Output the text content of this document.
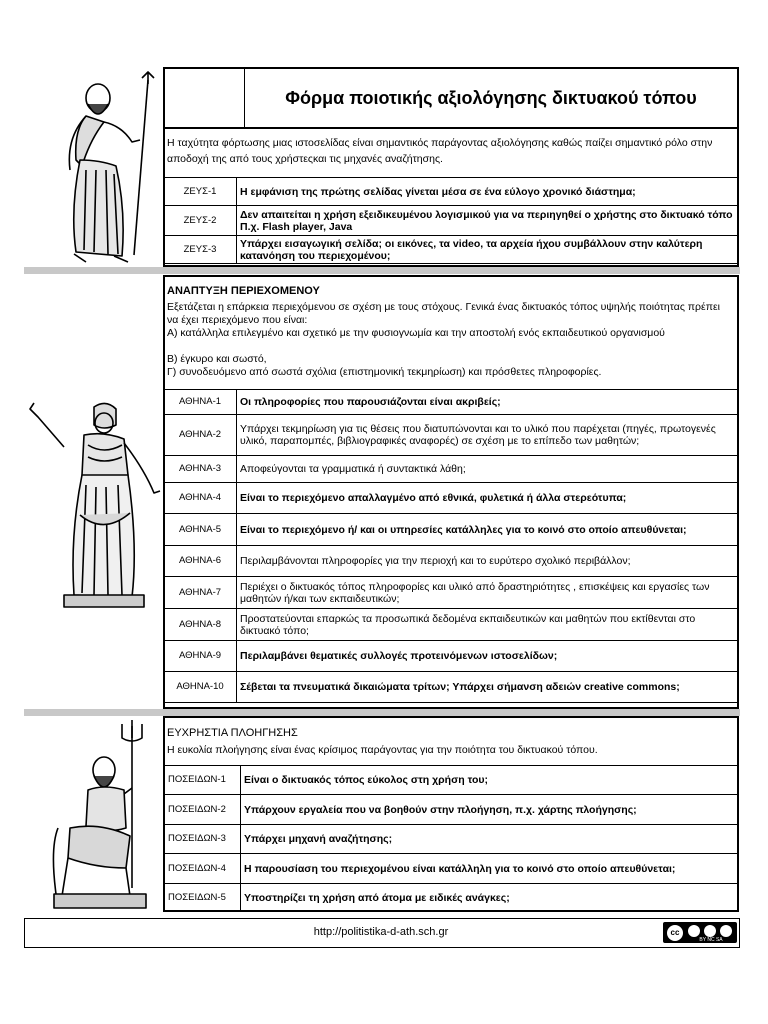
Φόρμα ποιοτικής αξιολόγησης δικτυακού τόπου
Η ταχύτητα φόρτωσης μιας ιστοσελίδας είναι σημαντικός παράγοντας αξιολόγησης καθώς παίζει σημαντικό ρόλο στην αποδοχή της από τους χρήστεςκαι τις μηχανές αναζήτησης.
ΖΕΥΣ-1	Η εμφάνιση της πρώτης σελίδας γίνεται μέσα σε ένα εύλογο χρονικό διάστημα;
ΖΕΥΣ-2	Δεν απαιτείται η χρήση εξειδικευμένου λογισμικού για να περιηγηθεί ο χρήστης στο δικτυακό τόπο Π.χ. Flash player, Java
ΖΕΥΣ-3	Υπάρχει εισαγωγική σελίδα; οι εικόνες, τα video, τα αρχεία ήχου συμβάλλουν στην καλύτερη κατανόηση του περιεχομένου;
ΑΝΑΠΤΥΞΗ ΠΕΡΙΕΧΟΜΕΝΟΥ
Εξετάζεται η επάρκεια περιεχόμενου σε σχέση με τους στόχους. Γενικά ένας δικτυακός τόπος υψηλής ποιότητας πρέπει να έχει περιεχόμενο που είναι:
Α) κατάλληλα επιλεγμένο και σχετικό με την φυσιογνωμία και την αποστολή ενός εκπαιδευτικού οργανισμού
Β) έγκυρο και σωστό,
Γ) συνοδευόμενο από σωστά σχόλια (επιστημονική τεκμηρίωση) και πρόσθετες πληροφορίες.
ΑΘΗΝΑ-1	Οι πληροφορίες που παρουσιάζονται είναι ακριβείς;
ΑΘΗΝΑ-2	Υπάρχει τεκμηρίωση για τις θέσεις που διατυπώνονται και το υλικό που παρέχεται (πηγές, πρωτογενές υλικό, παραπομπές, βιβλιογραφικές αναφορές) σε σχέση με το επίπεδο των μαθητών;
ΑΘΗΝΑ-3	Αποφεύγονται τα γραμματικά ή συντακτικά λάθη;
ΑΘΗΝΑ-4	Είναι το περιεχόμενο απαλλαγμένο από εθνικά, φυλετικά ή άλλα στερεότυπα;
ΑΘΗΝΑ-5	Είναι το περιεχόμενο ή/ και οι υπηρεσίες κατάλληλες για το κοινό στο οποίο απευθύνεται;
ΑΘΗΝΑ-6	Περιλαμβάνονται πληροφορίες για την περιοχή και το ευρύτερο σχολικό περιβάλλον;
ΑΘΗΝΑ-7	Περιέχει ο δικτυακός τόπος πληροφορίες και υλικό από δραστηριότητες , επισκέψεις και εργασίες των μαθητών ή/και των εκπαιδευτικών;
ΑΘΗΝΑ-8	Προστατεύονται επαρκώς τα προσωπικά δεδομένα εκπαιδευτικών και μαθητών που εκτίθενται στο δικτυακό τόπο;
ΑΘΗΝΑ-9	Περιλαμβάνει θεματικές συλλογές προτεινόμενων ιστοσελίδων;
ΑΘΗΝΑ-10	Σέβεται τα πνευματικά δικαιώματα τρίτων; Υπάρχει σήμανση αδειών creative commons;
ΕΥΧΡΗΣΤΙΑ ΠΛΟΗΓΗΣΗΣ
Η ευκολία πλοήγησης είναι ένας κρίσιμος παράγοντας για την ποιότητα του δικτυακού τόπου.
ΠΟΣΕΙΔΩΝ-1	Είναι ο δικτυακός τόπος εύκολος στη χρήση του;
ΠΟΣΕΙΔΩΝ-2	Υπάρχουν εργαλεία που να βοηθούν στην πλοήγηση, π.χ. χάρτης πλοήγησης;
ΠΟΣΕΙΔΩΝ-3	Υπάρχει μηχανή αναζήτησης;
ΠΟΣΕΙΔΩΝ-4	Η παρουσίαση του περιεχομένου είναι κατάλληλη για το κοινό στο οποίο απευθύνεται;
ΠΟΣΕΙΔΩΝ-5	Υποστηρίζει τη χρήση από άτομα με ειδικές ανάγκες;
http://politistika-d-ath.sch.gr	cc
BY NC SA
